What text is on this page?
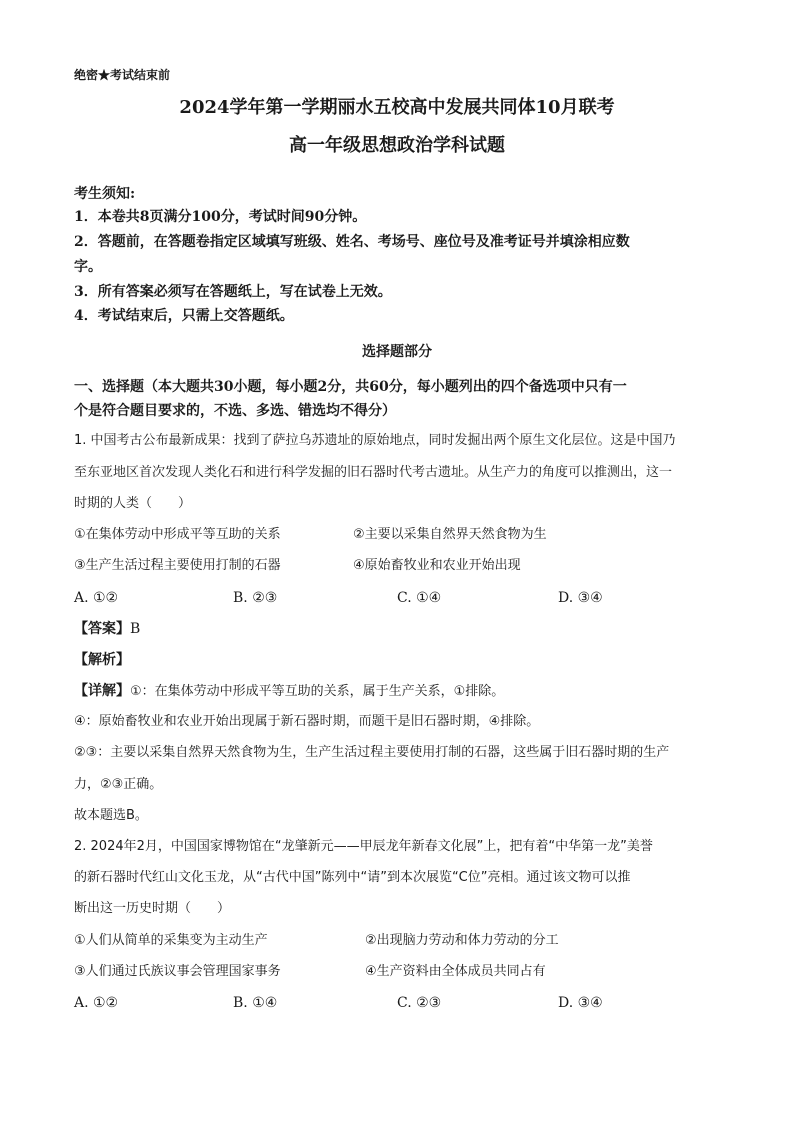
绝密★考试结束前
2024学年第一学期丽水五校高中发展共同体10月联考
高一年级思想政治学科试题
考生须知:
1．本卷共8页满分100分，考试时间90分钟。
2．答题前，在答题卷指定区域填写班级、姓名、考场号、座位号及准考证号并填涂相应数
字。
3．所有答案必须写在答题纸上，写在试卷上无效。
4．考试结束后，只需上交答题纸。
选择题部分
一、选择题（本大题共30小题，每小题2分，共60分，每小题列出的四个备选项中只有一
个是符合题目要求的，不选、多选、错选均不得分）
1. 中国考古公布最新成果：找到了萨拉乌苏遗址的原始地点，同时发掘出两个原生文化层位。这是中国乃
至东亚地区首次发现人类化石和进行科学发掘的旧石器时代考古遗址。从生产力的角度可以推测出，这一
时期的人类（　　）
①在集体劳动中形成平等互助的关系	②主要以采集自然界天然食物为生
③生产生活过程主要使用打制的石器	④原始畜牧业和农业开始出现
A. ①②	B. ②③	C. ①④	D. ③④
【答案】B
【解析】
【详解】①：在集体劳动中形成平等互助的关系，属于生产关系，①排除。
④：原始畜牧业和农业开始出现属于新石器时期，而题干是旧石器时期，④排除。
②③：主要以采集自然界天然食物为生，生产生活过程主要使用打制的石器，这些属于旧石器时期的生产
力，②③正确。
故本题选B。
2. 2024年2月，中国国家博物馆在“龙肇新元——甲辰龙年新春文化展”上，把有着“中华第一龙”美誉
的新石器时代红山文化玉龙，从“古代中国”陈列中“请”到本次展览“C位”亮相。通过该文物可以推
断出这一历史时期（　　）
①人们从简单的采集变为主动生产	②出现脑力劳动和体力劳动的分工
③人们通过氏族议事会管理国家事务	④生产资料由全体成员共同占有
A. ①②	B. ①④	C. ②③	D. ③④
